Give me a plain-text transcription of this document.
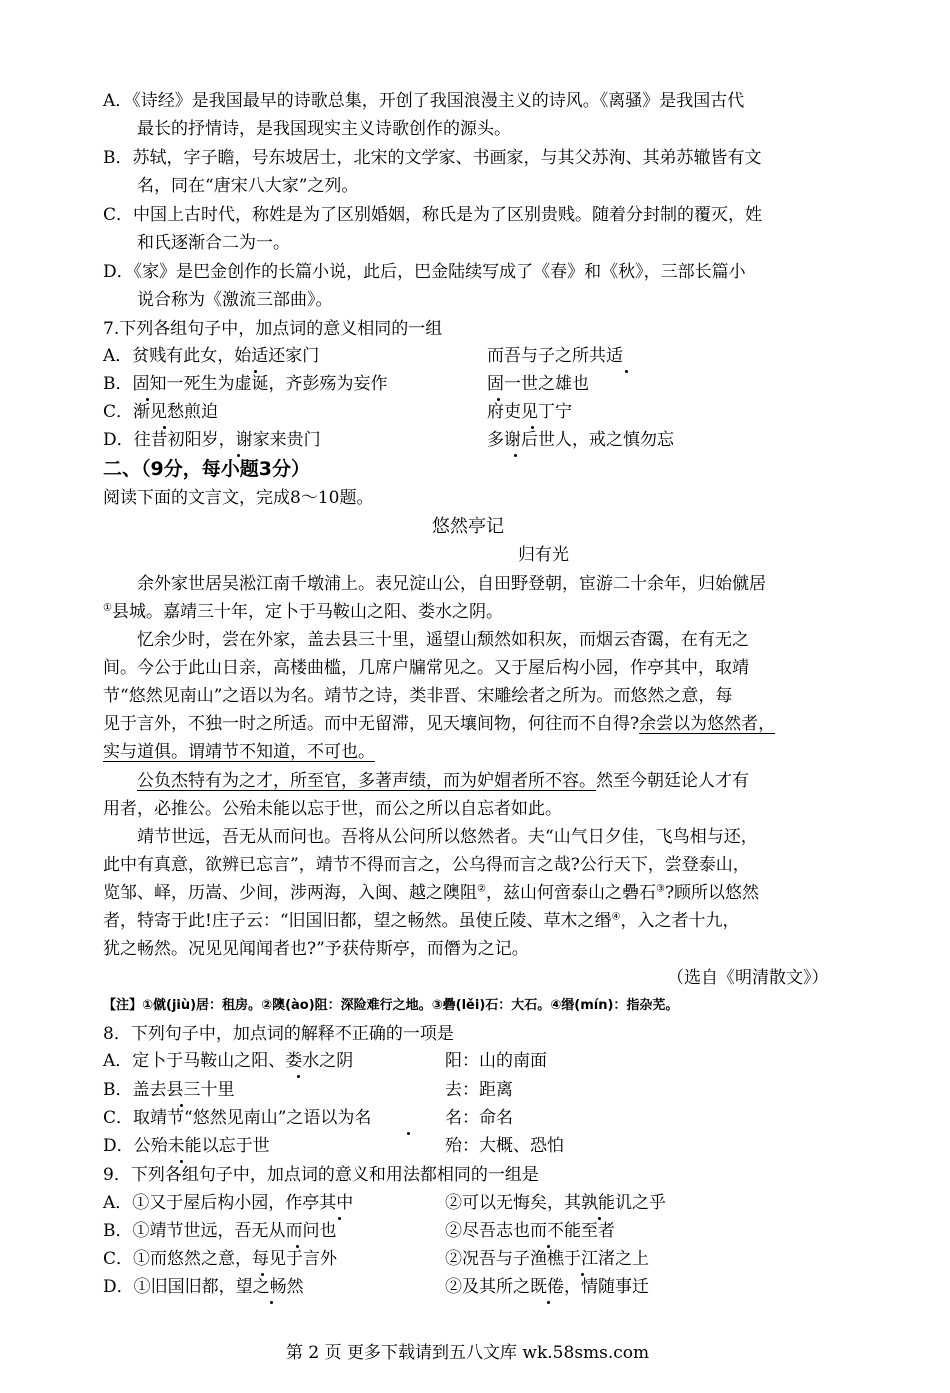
A．《诗经》是我国最早的诗歌总集，开创了我国浪漫主义的诗风。《离骚》是我国古代
最长的抒情诗，是我国现实主义诗歌创作的源头。
B．苏轼，字子瞻，号东坡居士，北宋的文学家、书画家，与其父苏洵、其弟苏辙皆有文
名，同在“唐宋八大家”之列。
C．中国上古时代，称姓是为了区别婚姻，称氏是为了区别贵贱。随着分封制的覆灭，姓
和氏逐渐合二为一。
D．《家》是巴金创作的长篇小说，此后，巴金陆续写成了《春》和《秋》，三部长篇小
说合称为《激流三部曲》。
7.下列各组句子中，加点词的意义相同的一组
A．贫贱有此女，始适还家门	而吾与子之所共适
B．固知一死生为虚诞，齐彭殇为妄作	固一世之雄也
C．渐见愁煎迫	府吏见丁宁
D．往昔初阳岁，谢家来贵门	多谢后世人，戒之慎勿忘
二、（9分，每小题3分）
阅读下面的文言文，完成8～10题。
悠然亭记
归有光
余外家世居吴淞江南千墩浦上。表兄淀山公，自田野登朝，宦游二十余年，归始僦居
①县城。嘉靖三十年，定卜于马鞍山之阳、娄水之阴。
忆余少时，尝在外家，盖去县三十里，遥望山颓然如积灰，而烟云杳霭，在有无之
间。今公于此山日亲，高楼曲槛，几席户牖常见之。又于屋后构小园，作亭其中，取靖
节“悠然见南山”之语以为名。靖节之诗，类非晋、宋雕绘者之所为。而悠然之意，每
见于言外，不独一时之所适。而中无留滞，见天壤间物，何往而不自得?余尝以为悠然者，
实与道俱。谓靖节不知道，不可也。
公负杰特有为之才，所至官，多著声绩，而为妒媢者所不容。然至今朝廷论人才有
用者，必推公。公殆未能以忘于世，而公之所以自忘者如此。
靖节世远，吾无从而问也。吾将从公问所以悠然者。夫“山气日夕佳，飞鸟相与还，
此中有真意，欲辨已忘言”，靖节不得而言之，公乌得而言之哉?公行天下，尝登泰山，
览邹、峄，历嵩、少间，涉两海，入闽、越之隩阻②，兹山何啻泰山之礨石③?顾所以悠然
者，特寄于此!庄子云：“旧国旧都，望之畅然。虽使丘陵、草木之缗④，入之者十九，
犹之畅然。况见见闻闻者也?”予获侍斯亭，而僭为之记。
（选自《明清散文》）
【注】①僦(jiù)居：租房。②隩(ào)阻：深险难行之地。③礨(lěi)石：大石。④缗(mín)：指杂芜。
8．下列句子中，加点词的解释不正确的一项是
A．定卜于马鞍山之阳、娄水之阴	阳：山的南面
B．盖去县三十里	去：距离
C．取靖节“悠然见南山”之语以为名	名：命名
D．公殆未能以忘于世	殆：大概、恐怕
9．下列各组句子中，加点词的意义和用法都相同的一组是
A．①又于屋后构小园，作亭其中	②可以无悔矣，其孰能讥之乎
B．①靖节世远，吾无从而问也	②尽吾志也而不能至者
C．①而悠然之意，每见于言外	②况吾与子渔樵于江渚之上
D．①旧国旧都，望之畅然	②及其所之既倦，情随事迁
第 2 页 更多下载请到五八文库 wk.58sms.com
